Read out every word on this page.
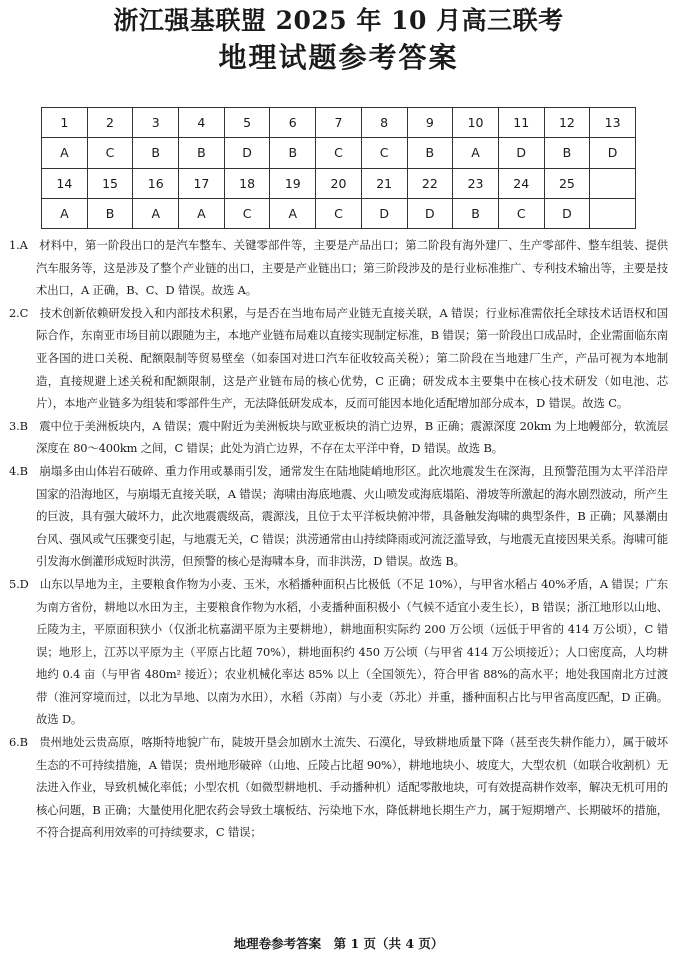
浙江强基联盟 2025 年 10 月高三联考
地理试题参考答案
1	2	3	4	5	6	7	8	9	10	11	12	13
A	C	B	B	D	B	C	C	B	A	D	B	D
14	15	16	17	18	19	20	21	22	23	24	25	
A	B	A	A	C	A	C	D	D	B	C	D	

1.A　材料中，第一阶段出口的是汽车整车、关键零部件等，主要是产品出口；第二阶段有海外建厂、生产零部件、整车组装、提供汽车服务等，这是涉及了整个产业链的出口，主要是产业链出口；第三阶段涉及的是行业标准推广、专利技术输出等，主要是技术出口，A 正确，B、C、D 错误。故选 A。

2.C　技术创新依赖研发投入和内部技术积累，与是否在当地布局产业链无直接关联，A 错误；行业标准需依托全球技术话语权和国际合作，东南亚市场目前以跟随为主，本地产业链布局难以直接实现制定标准，B 错误；第一阶段出口成品时，企业需面临东南亚各国的进口关税、配额限制等贸易壁垒（如泰国对进口汽车征收较高关税）；第二阶段在当地建厂生产，产品可视为本地制造，直接规避上述关税和配额限制，这是产业链布局的核心优势，C 正确；研发成本主要集中在核心技术研发（如电池、芯片），本地产业链多为组装和零部件生产，无法降低研发成本，反而可能因本地化适配增加部分成本，D 错误。故选 C。

3.B　震中位于美洲板块内，A 错误；震中附近为美洲板块与欧亚板块的消亡边界，B 正确；震源深度 20km 为上地幔部分，软流层深度在 80～400km 之间，C 错误；此处为消亡边界，不存在太平洋中脊，D 错误。故选 B。

4.B　崩塌多由山体岩石破碎、重力作用或暴雨引发，通常发生在陆地陡峭地形区。此次地震发生在深海，且预警范围为太平洋沿岸国家的沿海地区，与崩塌无直接关联，A 错误；海啸由海底地震、火山喷发或海底塌陷、滑坡等所激起的海水剧烈波动，所产生的巨波，具有强大破坏力，此次地震震级高，震源浅，且位于太平洋板块俯冲带，具备触发海啸的典型条件，B 正确；风暴潮由台风、强风或气压骤变引起，与地震无关，C 错误；洪涝通常由山持续降雨或河流泛滥导致，与地震无直接因果关系。海啸可能引发海水倒灌形成短时洪涝，但预警的核心是海啸本身，而非洪涝，D 错误。故选 B。

5.D　山东以旱地为主，主要粮食作物为小麦、玉米，水稻播种面积占比极低（不足 10%），与甲省水稻占 40%矛盾，A 错误；广东为南方省份，耕地以水田为主，主要粮食作物为水稻，小麦播种面积极小（气候不适宜小麦生长），B 错误；浙江地形以山地、丘陵为主，平原面积狭小（仅浙北杭嘉湖平原为主要耕地），耕地面积实际约 200 万公顷（远低于甲省的 414 万公顷），C 错误；地形上，江苏以平原为主（平原占比超 70%），耕地面积约 450 万公顷（与甲省 414 万公顷接近）；人口密度高，人均耕地约 0.4 亩（与甲省 480m² 接近）；农业机械化率达 85% 以上（全国领先），符合甲省 88%的高水平；地处我国南北方过渡带（淮河穿境而过，以北为旱地、以南为水田），水稻（苏南）与小麦（苏北）并重，播种面积占比与甲省高度匹配，D 正确。故选 D。

6.B　贵州地处云贵高原，喀斯特地貌广布，陡坡开垦会加剧水土流失、石漠化，导致耕地质量下降（甚至丧失耕作能力），属于破坏生态的不可持续措施，A 错误；贵州地形破碎（山地、丘陵占比超 90%），耕地地块小、坡度大，大型农机（如联合收割机）无法进入作业，导致机械化率低；小型农机（如微型耕地机、手动播种机）适配零散地块，可有效提高耕作效率，解决无机可用的核心问题，B 正确；大量使用化肥农药会导致土壤板结、污染地下水，降低耕地长期生产力，属于短期增产、长期破坏的措施，不符合提高利用效率的可持续要求，C 错误；

地理卷参考答案　第 1 页（共 4 页）
